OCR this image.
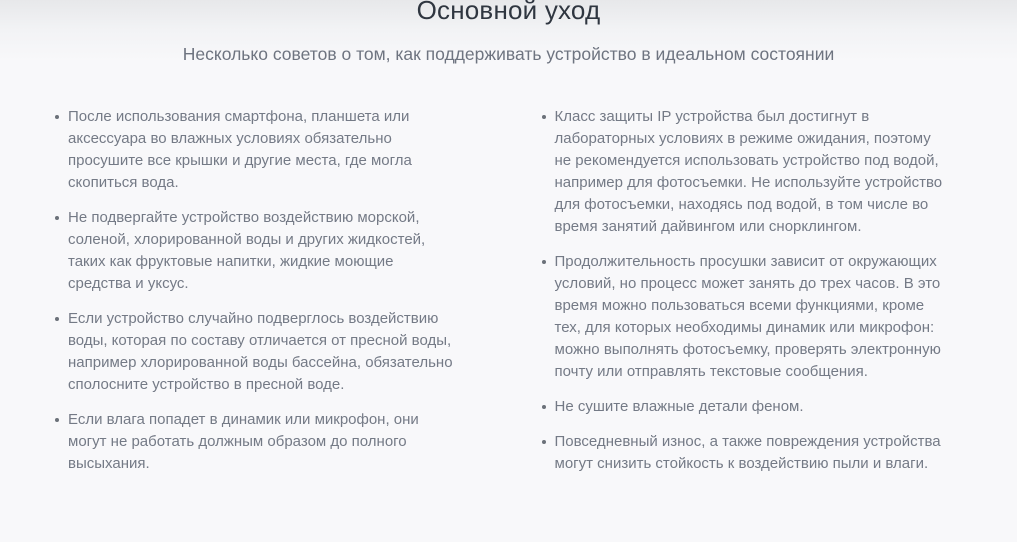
Основной уход

Несколько советов о том, как поддерживать устройство в идеальном состоянии

После использования смартфона, планшета или аксессуара во влажных условиях обязательно просушите все крышки и другие места, где могла скопиться вода.
Не подвергайте устройство воздействию морской, соленой, хлорированной воды и других жидкостей, таких как фруктовые напитки, жидкие моющие средства и уксус.
Если устройство случайно подверглось воздействию воды, которая по составу отличается от пресной воды, например хлорированной воды бассейна, обязательно сполосните устройство в пресной воде.
Если влага попадет в динамик или микрофон, они могут не работать должным образом до полного высыхания.
Класс защиты IP устройства был достигнут в лабораторных условиях в режиме ожидания, поэтому не рекомендуется использовать устройство под водой, например для фотосъемки. Не используйте устройство для фотосъемки, находясь под водой, в том числе во время занятий дайвингом или снорклингом.
Продолжительность просушки зависит от окружающих условий, но процесс может занять до трех часов. В это время можно пользоваться всеми функциями, кроме тех, для которых необходимы динамик или микрофон: можно выполнять фотосъемку, проверять электронную почту или отправлять текстовые сообщения.
Не сушите влажные детали феном.
Повседневный износ, а также повреждения устройства могут снизить стойкость к воздействию пыли и влаги.
